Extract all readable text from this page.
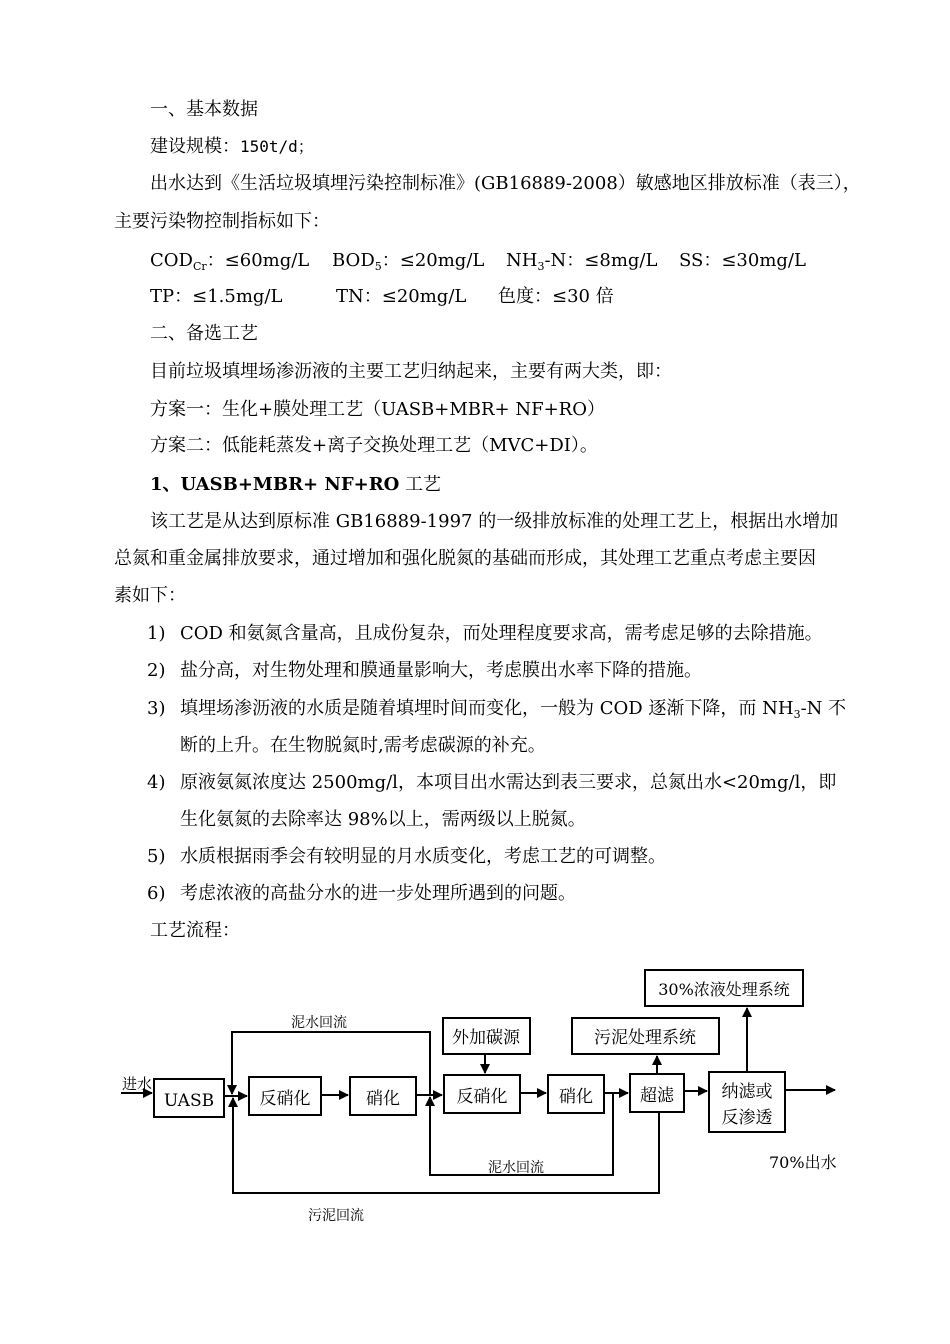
一、基本数据
建设规模：150t/d；
出水达到《生活垃圾填埋污染控制标准》(GB16889-2008）敏感地区排放标准（表三），
主要污染物控制指标如下：
$COD_{Cr}$：≤60mg/L $BOD_5$：≤20mg/L $NH_3-N$：≤8mg/L SS：≤30mg/L
TP：≤1.5mg/L	TN：≤20mg/L 色度：≤30 倍
二、备选工艺
目前垃圾填埋场渗沥液的主要工艺归纳起来，主要有两大类，即：
方案一：生化+膜处理工艺（UASB+MBR+ NF+RO）
方案二：低能耗蒸发+离子交换处理工艺（MVC+DI）。
1、UASB+MBR+ NF+RO 工艺
该工艺是从达到原标准 GB16889-1997 的一级排放标准的处理工艺上，根据出水增加
总氮和重金属排放要求，通过增加和强化脱氮的基础而形成，其处理工艺重点考虑主要因
素如下：
1) COD 和氨氮含量高，且成份复杂，而处理程度要求高，需考虑足够的去除措施。
2) 盐分高，对生物处理和膜通量影响大，考虑膜出水率下降的措施。
3) 填埋场渗沥液的水质是随着填埋时间而变化，一般为 COD 逐渐下降，而 $NH_3-N$ 不
断的上升。在生物脱氮时,需考虑碳源的补充。
4) 原液氨氮浓度达 2500mg/l，本项目出水需达到表三要求，总氮出水<20mg/l，即
生化氨氮的去除率达 98%以上，需两级以上脱氮。
5) 水质根据雨季会有较明显的月水质变化，考虑工艺的可调整。
6) 考虑浓液的高盐分水的进一步处理所遇到的问题。
工艺流程：
进水
UASB	反硝化	硝化	反硝化	硝化	超滤	纳滤或
反渗透
外加碳源	污泥处理系统
30%浓液处理系统
70%出水
泥水回流
泥水回流
污泥回流
